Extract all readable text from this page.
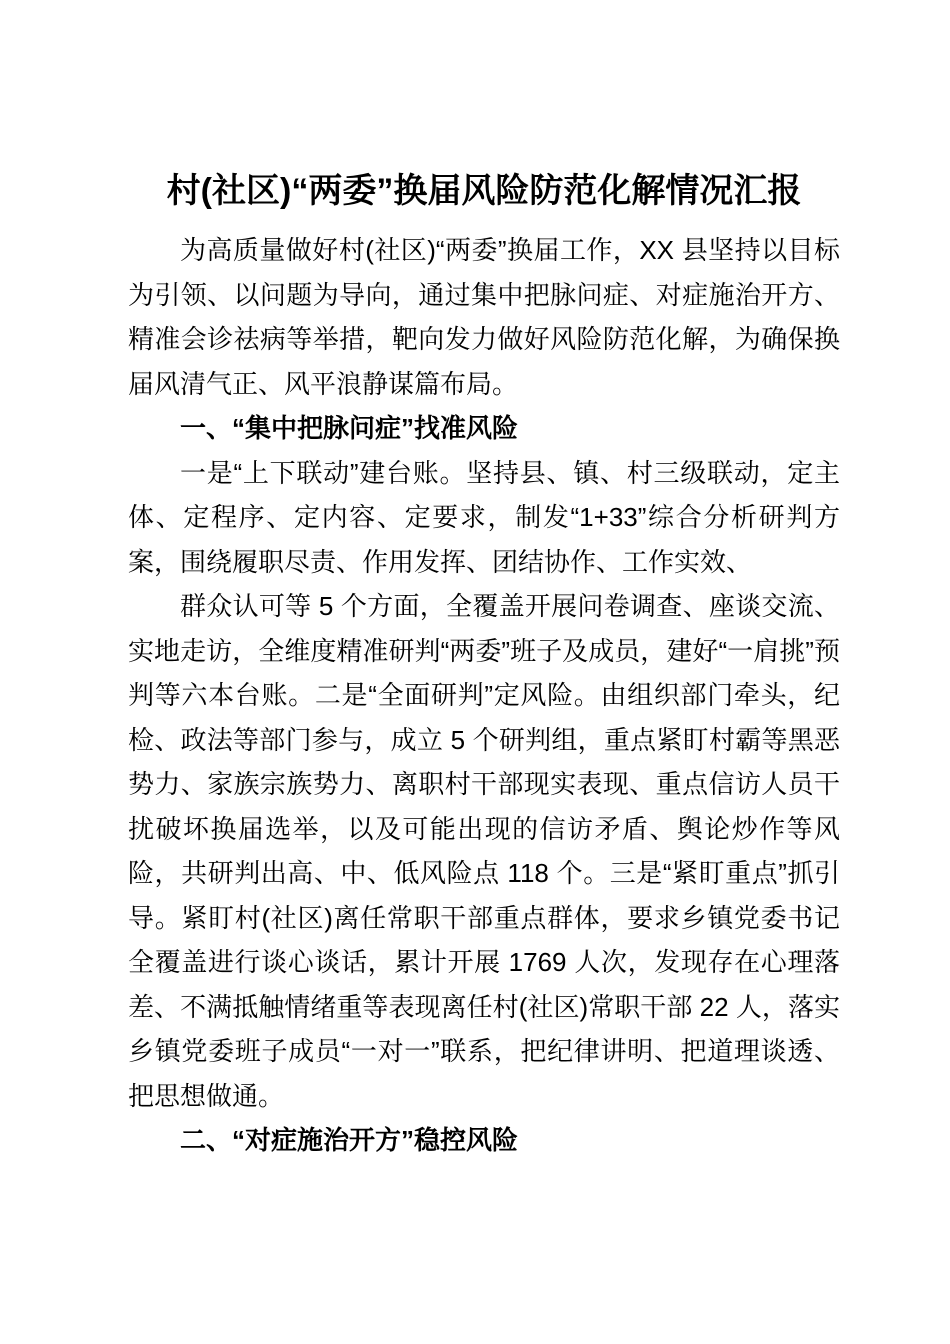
村(社区)“两委”换届风险防范化解情况汇报

为高质量做好村(社区)“两委”换届工作，XX 县坚持以目标为引领、以问题为导向，通过集中把脉问症、对症施治开方、精准会诊祛病等举措，靶向发力做好风险防范化解，为确保换届风清气正、风平浪静谋篇布局。

一、“集中把脉问症”找准风险

一是“上下联动”建台账。坚持县、镇、村三级联动，定主体、定程序、定内容、定要求，制发“1+33”综合分析研判方案，围绕履职尽责、作用发挥、团结协作、工作实效、

群众认可等 5 个方面，全覆盖开展问卷调查、座谈交流、实地走访，全维度精准研判“两委”班子及成员，建好“一肩挑”预判等六本台账。二是“全面研判”定风险。由组织部门牵头，纪检、政法等部门参与，成立 5 个研判组，重点紧盯村霸等黑恶势力、家族宗族势力、离职村干部现实表现、重点信访人员干扰破坏换届选举，以及可能出现的信访矛盾、舆论炒作等风险，共研判出高、中、低风险点 118 个。三是“紧盯重点”抓引导。紧盯村(社区)离任常职干部重点群体，要求乡镇党委书记全覆盖进行谈心谈话，累计开展 1769 人次，发现存在心理落差、不满抵触情绪重等表现离任村(社区)常职干部 22 人，落实乡镇党委班子成员“一对一”联系，把纪律讲明、把道理谈透、把思想做通。

二、“对症施治开方”稳控风险
